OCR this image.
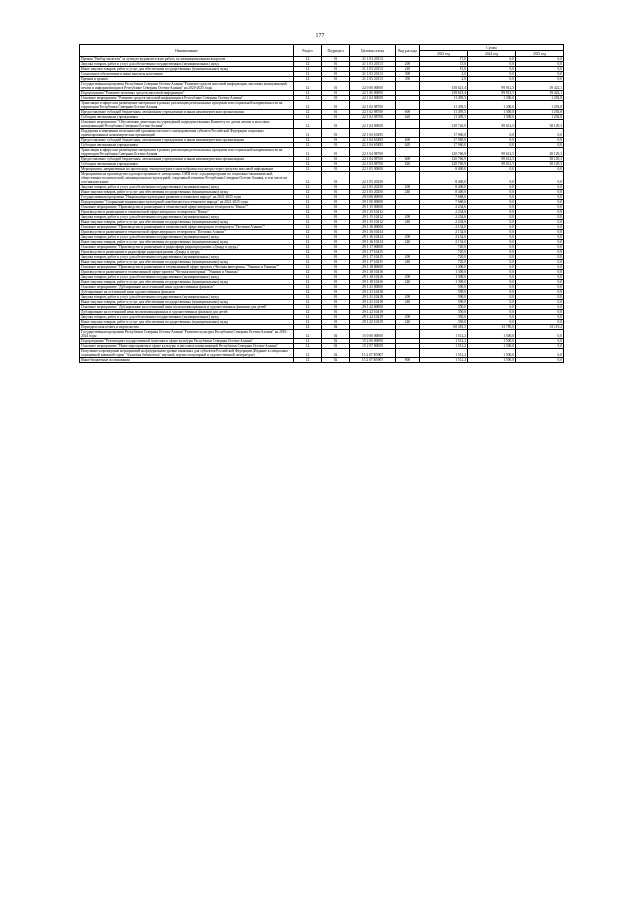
177
Наименование	Раздел	Подраздел	Целевая статья	Вид расхода	Сумма		
					2023 год	2024 год	2025 год
Премия "Выбор читателя" за лучшую журналистскую работу по межнациональным вопросам	12	01	21 1 03 20113		17,0	0,0	0,0
Закупка товаров, работ и услуг для обеспечения государственных (муниципальных) нужд	12	01	21 1 03 20113	200	15,0	0,0	0,0
Иные закупки товаров, работ и услуг для обеспечения государственных (муниципальных) нужд	12	01	21 1 03 20113	240	15,0	0,0	0,0
Социальное обеспечение и иные выплаты населению	12	01	21 1 03 20113	300	2,0	0,0	0,0
Премии и гранты	12	01	21 1 03 20113	350	2,0	0,0	0,0
Государственная программа Республики Северная Осетия-Алания "Развитие средств массовой информации, массовых коммуникаций, печати и информатизации в Республике Северная Осетия-Алания" на 2020-2025 годы	12	01	22 0 00 00000		158 621,4	99 912,5	39 422,1
Подпрограмма "Развитие печатных средств массовой информации"	12	01	22 1 00 00000		158 621,4	99 912,5	39 422,1
Основное мероприятие "Развитие средств массовой информации в Республике Северная Осетия-Алания"	12	01	22 1 02 00000		11 495,5	1 300,0	1 292,8
Трансляция в эфире или размещение материалов в рамках реализации региональных программ или социальной направленности на территории Республики Северная Осетия-Алания	12	01	22 1 02 98700		11 495,5	1 300,0	1 292,8
Предоставление субсидий бюджетным, автономным учреждениям и иным некоммерческим организациям	12	01	22 1 02 98700	600	11 495,5	1 300,0	1 292,8
Субсидии автономным учреждениям	12	01	22 1 02 98700	620	11 495,5	1 300,0	1 292,8
Основное мероприятие "Обеспечение деятельности учреждений подведомственных Комитету по делам печати и массовых коммуникаций Республики Северная Осетия-Алания"	12	01	22 1 04 00000		138 726,9	98 612,5	38 129,3
Поддержка в изменении исполнителей органами местного самоуправления субъекта Российской Федерации социально ориентированных некоммерческих организаций	12	01	22 1 04 S5495		17 960,0	0,0	0,0
Предоставление субсидий бюджетным, автономным учреждениям и иным некоммерческим организациям	12	01	22 1 04 S5495	600	17 960,0	0,0	0,0
Субсидии автономным учреждениям	12	01	22 1 04 S5495	620	17 960,0	0,0	0,0
Трансляция в эфире или размещение материалов в рамках реализации региональных программ или социальной направленности на территории Республики Северная Осетия-Алания	12	01	22 1 04 98700		120 766,9	98 612,5	38 129,3
Предоставление субсидий бюджетным, автономным учреждениям и иным некоммерческим организациям	12	01	22 1 04 98700	600	120 766,9	98 612,5	38 129,3
Субсидии автономным учреждениям	12	01	22 1 04 98700	620	120 766,9	98 612,5	38 129,3
Мероприятия, направленные на пропаганду этнокультурного многообразия и культуры через средства массовой информации	12	01	22 1 05 00000		8 400,0	0,0	0,0
Мероприятия на производство и распространение в электронных СМИ теле- и радиопрограмм по социально-экономической, общественно-политической, межнационально-культурной, спортивной тематике Республики Северная Осетия-Алания, в том числе на осетинском языке	12	01	22 1 05 20250		8 400,0	0,0	0,0
Закупка товаров, работ и услуг для обеспечения государственных (муниципальных) нужд	12	01	22 1 05 20250	200	8 400,0	0,0	0,0
Иные закупки товаров, работ и услуг для обеспечения государственных (муниципальных) нужд	12	01	22 1 05 20250	240	8 400,0	0,0	0,0
Государственная программа "Национально-культурное развитие осетинского народа" на 2021-2025 годы	12	01	29 0 00 00000		7 668,6	0,0	0,0
Подпрограмма "Сохранение национально-культурной самобытности осетинского народа" на 2021-2025 годы	12	01	29 1 00 00000		7 668,6	0,0	0,0
Основное мероприятие "Производство и размещение в тематической сфере авторского телепроекта "Нанао""	12	01	29 1 15 00000		2 234,6	0,0	0,0
Производство и размещение в тематической сфере авторского телепроекта "Нанао"	12	01	29 1 15 10412		2 234,6	0,0	0,0
Закупка товаров, работ и услуг для обеспечения государственных (муниципальных) нужд	12	01	29 1 15 10412	200	2 234,6	0,0	0,0
Иные закупки товаров, работ и услуг для обеспечения государственных (муниципальных) нужд	12	01	29 1 15 10412	240	2 234,6	0,0	0,0
Основное мероприятие "Производство и размещение в тематической сфере авторского телепроекта "Потомки Алании""	12	01	29 1 16 00000		2 132,0	0,0	0,0
Производство и размещение в тематической сфере авторского телепроекта "Потомки Алании"	12	01	29 1 16 10414		2 132,0	0,0	0,0
Закупка товаров, работ и услуг для обеспечения государственных (муниципальных) нужд	12	01	29 1 16 10414	200	2 132,0	0,0	0,0
Иные закупки товаров, работ и услуг для обеспечения государственных (муниципальных) нужд	12	01	29 1 16 10414	240	2 132,0	0,0	0,0
Основное мероприятие "Производство и размещение в радиоэфире радиопрограммы «Дзырд и дзурд»"	12	01	29 1 17 00000		720,0	0,0	0,0
Производство и размещение в радиоэфире радиопрограммы «Дзырд и дзурд»	12	01	29 1 17 10415		720,0	0,0	0,0
Закупка товаров, работ и услуг для обеспечения государственных (муниципальных) нужд	12	01	29 1 17 10415	200	720,0	0,0	0,0
Иные закупки товаров, работ и услуг для обеспечения государственных (муниципальных) нужд	12	01	29 1 17 10415	240	720,0	0,0	0,0
Основное мероприятие "Производство и размещение в телевизионной сфере проекта «Честная викторина» "Умники и Умницы""	12	01	29 1 18 00000		1 300,0	0,0	0,0
Производство и размещение в телевизионной сфере проекта "Честная викторина" "Умники и Умницы"	12	01	29 1 18 10416		1 300,0	0,0	0,0
Закупка товаров, работ и услуг для обеспечения государственных (муниципальных) нужд	12	01	29 1 18 10416	200	1 300,0	0,0	0,0
Иные закупки товаров, работ и услуг для обеспечения государственных (муниципальных) нужд	12	01	29 1 18 10416	240	1 300,0	0,0	0,0
Основное мероприятие "Дублирование на осетинский язык художественных фильмов"	12	01	29 1 21 00000		590,0	0,0	0,0
Дублирование на осетинский язык художественных фильмов	12	01	29 1 21 10418		590,0	0,0	0,0
Закупка товаров, работ и услуг для обеспечения государственных (муниципальных) нужд	12	01	29 1 21 10418	200	590,0	0,0	0,0
Иные закупки товаров, работ и услуг для обеспечения государственных (муниципальных) нужд	12	01	29 1 21 10418	240	590,0	0,0	0,0
Основное мероприятие "Дублирование на осетинский язык мультипликационных и художественных фильмов для детей"	12	01	29 1 22 00000		350,0	0,0	0,0
Дублирование на осетинский язык мультипликационных и художественных фильмов для детей	12	01	29 1 22 10419		350,0	0,0	0,0
Закупка товаров, работ и услуг для обеспечения государственных (муниципальных) нужд	12	01	29 1 22 10419	200	350,0	0,0	0,0
Иные закупки товаров, работ и услуг для обеспечения государственных (муниципальных) нужд	12	01	29 1 22 10419	240	350,0	0,0	0,0
Периодическая печать и издательства	12	02			68 381,5	33 785,0	33 119,2
Государственная программа Республики Северная Осетия-Алания "Развитие культуры Республики Северная Осетия-Алания" на 2016-2024 годы	12	02	15 0 00 00000		1 512,2	1 500,0	0,0
Подпрограмма "Реализация государственной политики в сфере культуры Республики Северная Осетия-Алания"	12	02	15 2 00 00000		1 512,2	1 500,0	0,0
Основное мероприятие "Иные мероприятия в сфере культуры и массовых коммуникаций Республики Северная Осетия-Алания"	12	02	15 2 07 00000		1 512,2	1 500,0	0,0
Получение и проведение мероприятий на федеральном уровне памятных для субъектов Российской Федерации (Издание в специально оснащенной книжной серии "Аланская библиотека" научной, научно-популярной и художественной литературы)	12	02	15 2 07 R5907		1 512,2	1 500,0	0,0
Иные бюджетные ассигнования	12	02	15 2 07 R5907	800	1 512,2	1 500,0	0,0
